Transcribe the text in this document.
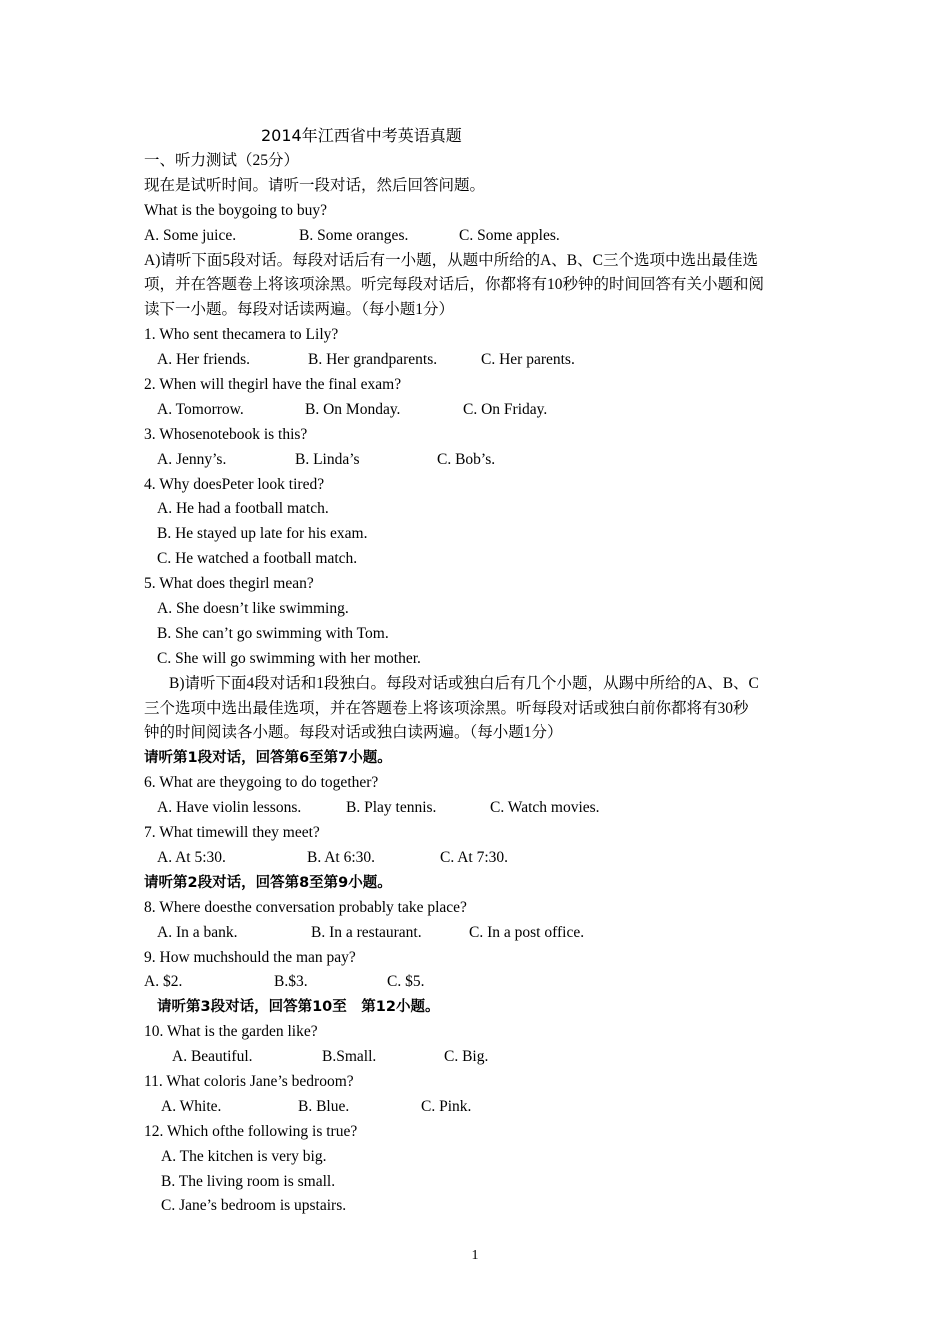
2014年江西省中考英语真题
一、听力测试（25分）
现在是试听时间。请听一段对话，然后回答问题。
What is the boygoing to buy?
A. Some juice.	B. Some oranges.	C. Some apples.
A)请听下面5段对话。每段对话后有一小题，从题中所给的A、B、C三个选项中选出最佳选
项，并在答题卷上将该项涂黑。听完每段对话后，你都将有10秒钟的时间回答有关小题和阅
读下一小题。每段对话读两遍。（每小题1分）
1. Who sent thecamera to Lily?
A. Her friends.	B. Her grandparents.	C. Her parents.
2. When will thegirl have the final exam?
A. Tomorrow.	B. On Monday.	C. On Friday.
3. Whosenotebook is this?
A. Jenny’s.	B. Linda’s	C. Bob’s.
4. Why doesPeter look tired?
A. He had a football match.
B. He stayed up late for his exam.
C. He watched a football match.
5. What does thegirl mean?
A. She doesn’t like swimming.
B. She can’t go swimming with Tom.
C. She will go swimming with her mother.
B)请听下面4段对话和1段独白。每段对话或独白后有几个小题，从踢中所给的A、B、C
三个选项中选出最佳选项，并在答题卷上将该项涂黑。听每段对话或独白前你都将有30秒
钟的时间阅读各小题。每段对话或独白读两遍。（每小题1分）
请听第1段对话，回答第6至第7小题。
6. What are theygoing to do together?
A. Have violin lessons.	B. Play tennis.	C. Watch movies.
7. What timewill they meet?
A. At 5:30.	B. At 6:30.	C. At 7:30.
请听第2段对话，回答第8至第9小题。
8. Where doesthe conversation probably take place?
A. In a bank.	B. In a restaurant.	C. In a post office.
9. How muchshould the man pay?
A. $2.	B.$3.	C. $5.
请听第3段对话，回答第10至　第12小题。
10. What is the garden like?
A. Beautiful.	B.Small.	C. Big.
11. What coloris Jane’s bedroom?
A. White.	B. Blue.	C. Pink.
12. Which ofthe following is true?
A. The kitchen is very big.
B. The living room is small.
C. Jane’s bedroom is upstairs.
1
